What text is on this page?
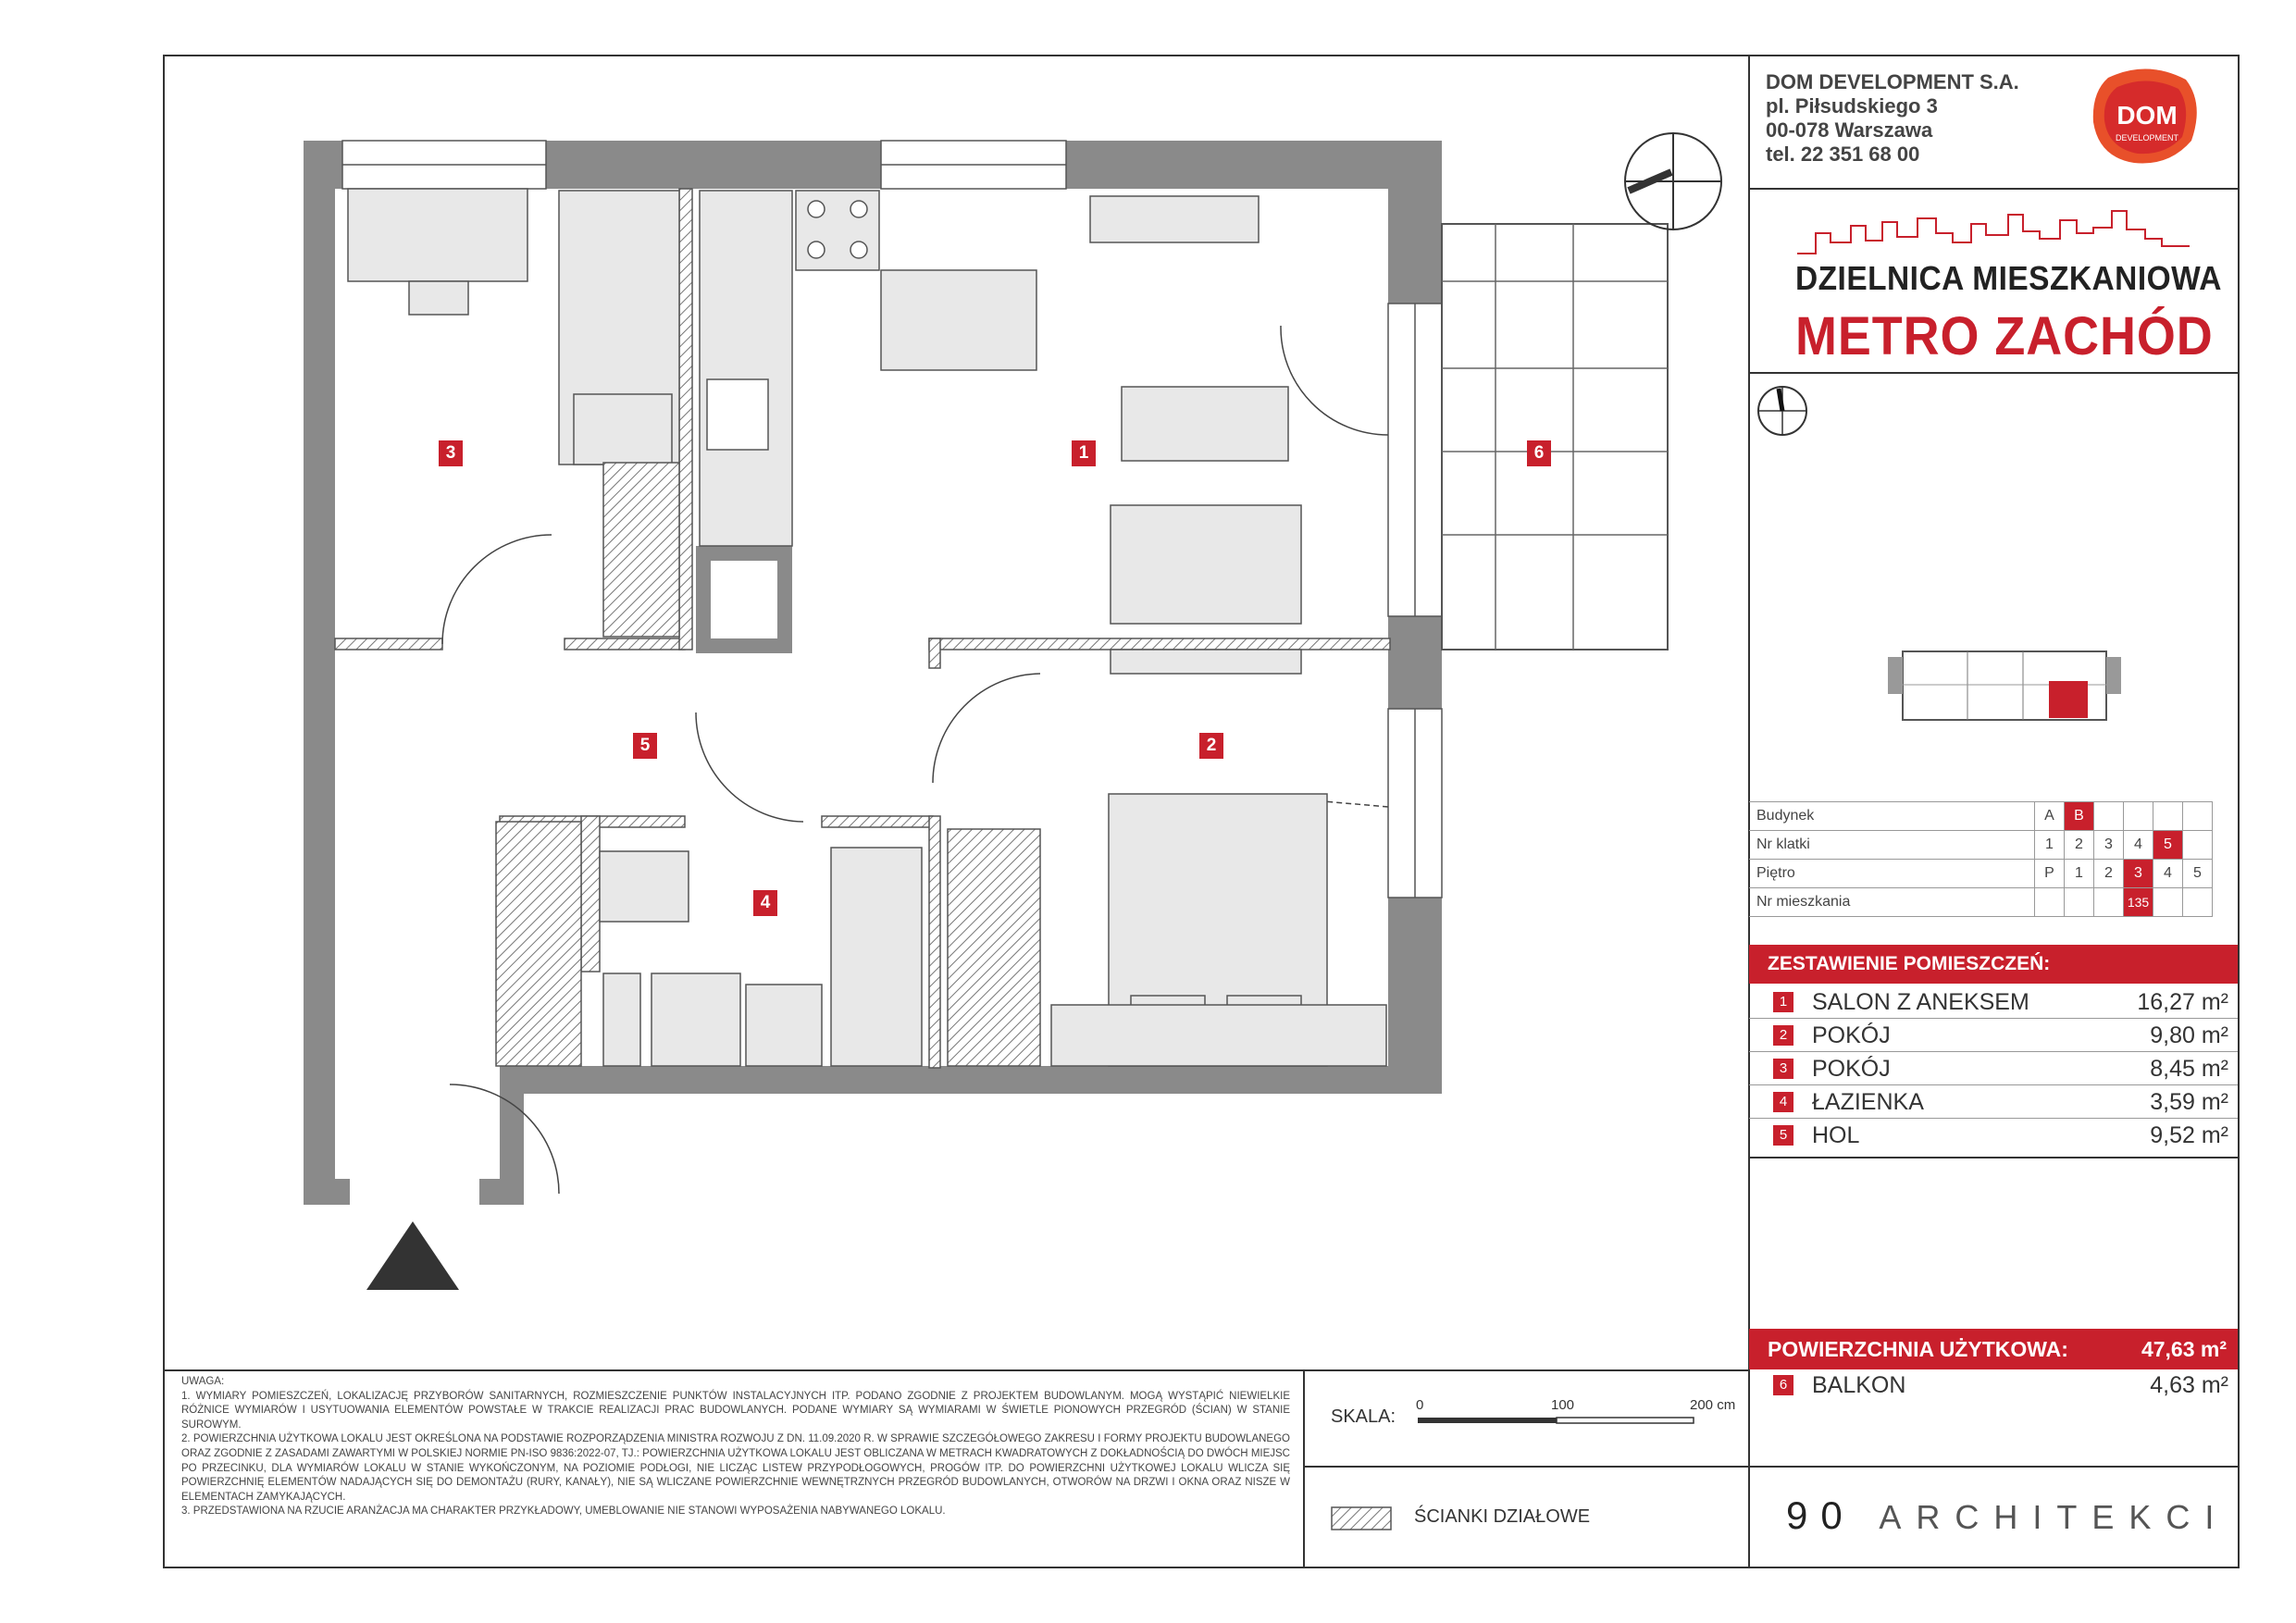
1
2
3
4
5
6
DOM DEVELOPMENT S.A.
pl. Piłsudskiego 3
00-078 Warszawa
tel. 22 351 68 00
DOM
DEVELOPMENT
DZIELNICA MIESZKANIOWA
METRO ZACHÓD
Budynek	A	B				
Nr klatki	1	2	3	4	5	
Piętro	P	1	2	3	4	5
Nr mieszkania				135		
ZESTAWIENIE POMIESZCZEŃ:
1 SALON Z ANEKSEM	16,27 m²
2 POKÓJ	9,80 m²
3 POKÓJ	8,45 m²
4 ŁAZIENKA	3,59 m²
5 HOL	9,52 m²
POWIERZCHNIA UŻYTKOWA:	47,63 m²
6 BALKON	4,63 m²

UWAGA:

1. WYMIARY POMIESZCZEŃ, LOKALIZACJĘ PRZYBORÓW SANITARNYCH, ROZMIESZCZENIE PUNKTÓW INSTALACYJNYCH ITP. PODANO ZGODNIE Z PROJEKTEM BUDOWLANYM. MOGĄ WYSTĄPIĆ NIEWIELKIE RÓŻNICE WYMIARÓW I USYTUOWANIA ELEMENTÓW POWSTAŁE W TRAKCIE REALIZACJI PRAC BUDOWLANYCH. PODANE WYMIARY SĄ WYMIARAMI W ŚWIETLE PIONOWYCH PRZEGRÓD (ŚCIAN) W STANIE SUROWYM.

2. POWIERZCHNIA UŻYTKOWA LOKALU JEST OKREŚLONA NA PODSTAWIE ROZPORZĄDZENIA MINISTRA ROZWOJU Z DN. 11.09.2020 R. W SPRAWIE SZCZEGÓŁOWEGO ZAKRESU I FORMY PROJEKTU BUDOWLANEGO ORAZ ZGODNIE Z ZASADAMI ZAWARTYMI W POLSKIEJ NORMIE PN-ISO 9836:2022-07, TJ.: POWIERZCHNIA UŻYTKOWA LOKALU JEST OBLICZANA W METRACH KWADRATOWYCH Z DOKŁADNOŚCIĄ DO DWÓCH MIEJSC PO PRZECINKU, DLA WYMIARÓW LOKALU W STANIE WYKOŃCZONYM, NA POZIOMIE PODŁOGI, NIE LICZĄC LISTEW PRZYPODŁOGOWYCH, PROGÓW ITP. DO POWIERZCHNI UŻYTKOWEJ LOKALU WLICZA SIĘ POWIERZCHNIĘ ELEMENTÓW NADAJĄCYCH SIĘ DO DEMONTAŻU (RURY, KANAŁY), NIE SĄ WLICZANE POWIERZCHNIE WEWNĘTRZNYCH PRZEGRÓD BUDOWLANYCH, OTWORÓW NA DRZWI I OKNA ORAZ NISZE W ELEMENTACH ZAMYKAJĄCYCH.

3. PRZEDSTAWIONA NA RZUCIE ARANŻACJA MA CHARAKTER PRZYKŁADOWY, UMEBLOWANIE NIE STANOWI WYPOSAŻENIA NABYWANEGO LOKALU.

SKALA:
0	100	200 cm
ŚCIANKI DZIAŁOWE	90 ARCHITEKCI
